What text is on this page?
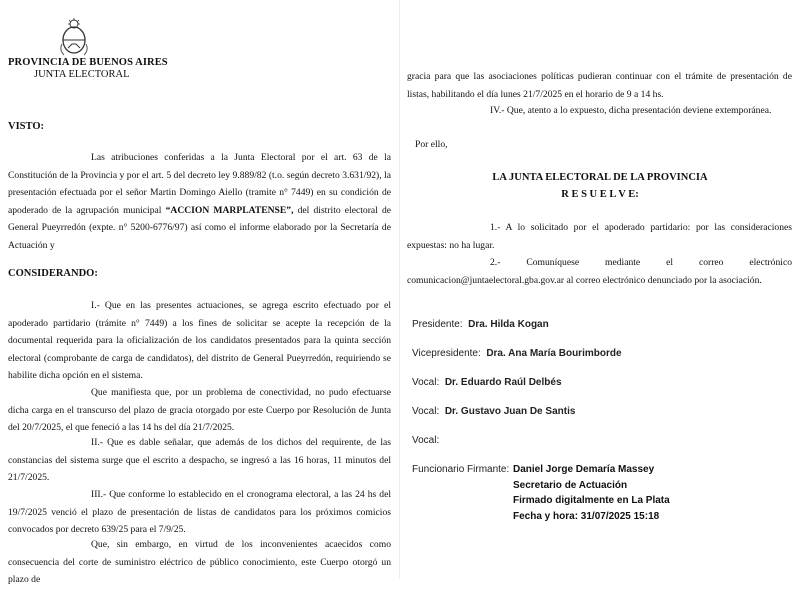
PROVINCIA DE BUENOS AIRES
JUNTA ELECTORAL
VISTO:
Las atribuciones conferidas a la Junta Electoral por el art. 63 de la Constitución de la Provincia y por el art. 5 del decreto ley 9.889/82 (t.o. según decreto 3.631/92), la presentación efectuada por el señor Martin Domingo Aiello (tramite n° 7449) en su condición de apoderado de la agrupación municipal “ACCION MARPLATENSE”, del distrito electoral de General Pueyrredón (expte. n° 5200-6776/97) así como el informe elaborado por la Secretaría de Actuación y
CONSIDERANDO:
I.- Que en las presentes actuaciones, se agrega escrito efectuado por el apoderado partidario (trámite n° 7449) a los fines de solicitar se acepte la recepción de la documental requerida para la oficialización de los candidatos presentados para la quinta sección electoral (comprobante de carga de candidatos), del distrito de General Pueyrredón, requiriendo se habilite dicha opción en el sistema.
Que manifiesta que, por un problema de conectividad, no pudo efectuarse dicha carga en el transcurso del plazo de gracia otorgado por este Cuerpo por Resolución de Junta del 20/7/2025, el que feneció a las 14 hs del día 21/7/2025.
II.- Que es dable señalar, que además de los dichos del requirente, de las constancias del sistema surge que el escrito a despacho, se ingresó a las 16 horas, 11 minutos del 21/7/2025.
III.- Que conforme lo establecido en el cronograma electoral, a las 24 hs del 19/7/2025 venció el plazo de presentación de listas de candidatos para los próximos comicios convocados por decreto 639/25 para el 7/9/25.
Que, sin embargo, en virtud de los inconvenientes acaecidos como consecuencia del corte de suministro eléctrico de público conocimiento, este Cuerpo otorgó un plazo de
gracia para que las asociaciones políticas pudieran continuar con el trámite de presentación de listas, habilitando el día lunes 21/7/2025 en el horario de 9 a 14 hs.
IV.- Que, atento a lo expuesto, dicha presentación deviene extemporánea.
Por ello,
LA JUNTA ELECTORAL DE LA PROVINCIA
R E S U E L V E:
1.- A lo solicitado por el apoderado partidario: por las consideraciones expuestas: no ha lugar.
2.- Comuníquese mediante el correo electrónico comunicacion@juntaelectoral.gba.gov.ar al correo electrónico denunciado por la asociación.
Presidente: Dra. Hilda Kogan
Vicepresidente: Dra. Ana María Bourimborde
Vocal: Dr. Eduardo Raúl Delbés
Vocal: Dr. Gustavo Juan De Santis
Vocal:
Funcionario Firmante: Daniel Jorge Demaría Massey
Secretario de Actuación
Firmado digitalmente en La Plata
Fecha y hora: 31/07/2025 15:18
